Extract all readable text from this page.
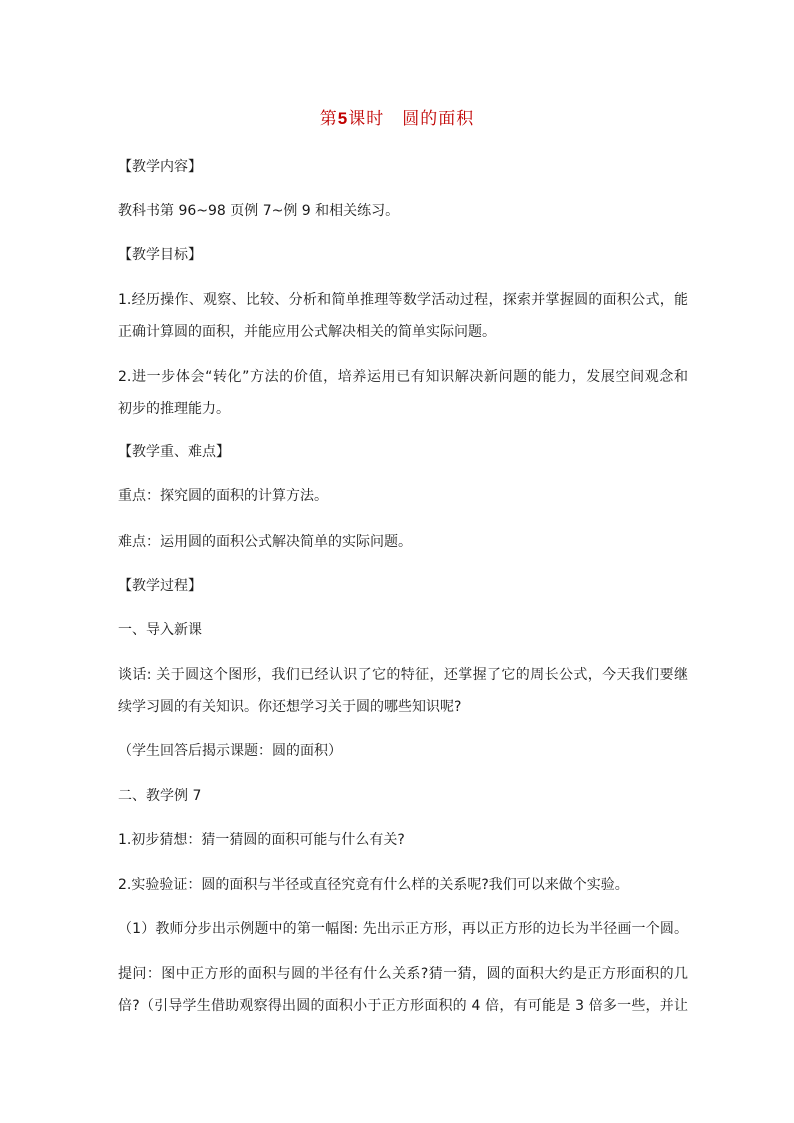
第5课时　圆的面积
【教学内容】
教科书第 96~98 页例 7~例 9 和相关练习。
【教学目标】
1.经历操作、观察、比较、分析和简单推理等数学活动过程，探索并掌握圆的面积公式，能
正确计算圆的面积，并能应用公式解决相关的简单实际问题。
2.进一步体会“转化”方法的价值，培养运用已有知识解决新问题的能力，发展空间观念和
初步的推理能力。
【教学重、难点】
重点：探究圆的面积的计算方法。
难点：运用圆的面积公式解决简单的实际问题。
【教学过程】
一、导入新课
谈话: 关于圆这个图形，我们已经认识了它的特征，还掌握了它的周长公式，今天我们要继
续学习圆的有关知识。你还想学习关于圆的哪些知识呢?
（学生回答后揭示课题：圆的面积）
二、教学例 7
1.初步猜想：猜一猜圆的面积可能与什么有关?
2.实验验证：圆的面积与半径或直径究竟有什么样的关系呢?我们可以来做个实验。
（1）教师分步出示例题中的第一幅图: 先出示正方形，再以正方形的边长为半径画一个圆。
提问：图中正方形的面积与圆的半径有什么关系?猜一猜，圆的面积大约是正方形面积的几
倍?（引导学生借助观察得出圆的面积小于正方形面积的 4 倍，有可能是 3 倍多一些，并让
